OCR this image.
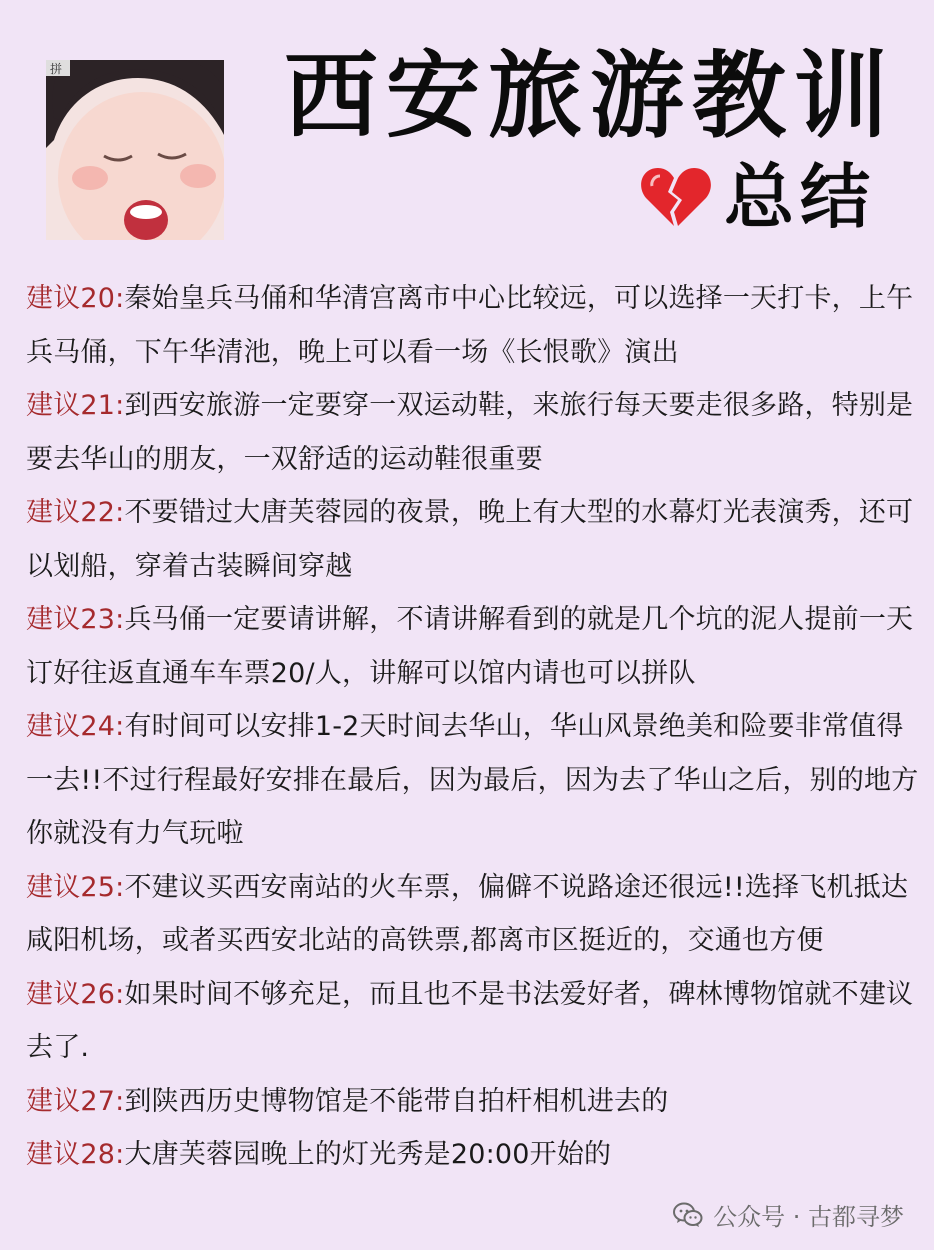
拼 西安旅游教训
总结

建议20:秦始皇兵马俑和华清宫离市中心比较远，可以选择一天打卡，上午兵马俑，下午华清池，晚上可以看一场《长恨歌》演出

建议21:到西安旅游一定要穿一双运动鞋，来旅行每天要走很多路，特别是要去华山的朋友，一双舒适的运动鞋很重要

建议22:不要错过大唐芙蓉园的夜景，晚上有大型的水幕灯光表演秀，还可以划船，穿着古装瞬间穿越

建议23:兵马俑一定要请讲解，不请讲解看到的就是几个坑的泥人提前一天订好往返直通车车票20/人，讲解可以馆内请也可以拼队

建议24:有时间可以安排1-2天时间去华山，华山风景绝美和险要非常值得一去!!不过行程最好安排在最后，因为最后，因为去了华山之后，别的地方你就没有力气玩啦

建议25:不建议买西安南站的火车票，偏僻不说路途还很远!!选择飞机抵达咸阳机场，或者买西安北站的高铁票,都离市区挺近的，交通也方便

建议26:如果时间不够充足，而且也不是书法爱好者，碑林博物馆就不建议去了.

建议27:到陕西历史博物馆是不能带自拍杆相机进去的

建议28:大唐芙蓉园晚上的灯光秀是20:00开始的

公众号 · 古都寻梦
